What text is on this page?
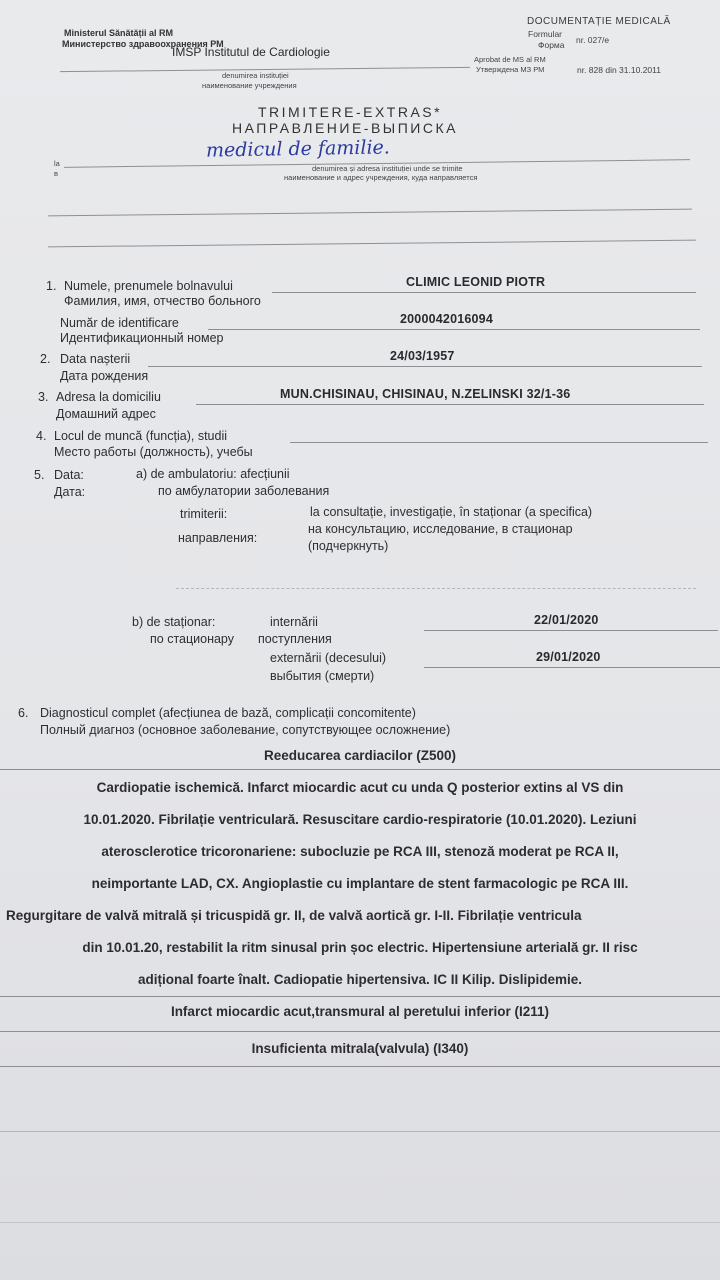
Ministerul Sănătății al RM
Министерство здравоохранения РМ
IMSP Institutul de Cardiologie
denumirea instituției
наименование учреждения
DOCUMENTAȚIE MEDICALĂ
Formular
Форма nr. 027/e
Aprobat de MS al RM
Утверждена МЗ РМ	nr. 828 din 31.10.2011
TRIMITERE-EXTRAS*
НАПРАВЛЕНИЕ-ВЫПИСКА
la
в
medicul de familie.
denumirea și adresa instituției unde se trimite
наименование и адрес учреждения, куда направляется
1. Numele, prenumele bolnavului
Фамилия, имя, отчество больного
CLIMIC LEONID PIOTR
Număr de identificare
Идентификационный номер
2000042016094
2. Data nașterii
Дата рождения
24/03/1957
3. Adresa la domiciliu
Домашний адрес
MUN.CHISINAU, CHISINAU, N.ZELINSKI 32/1-36
4. Locul de muncă (funcția), studii
Место работы (должность), учебы
5. Data:
Дата:
a) de ambulatoriu: afecțiunii
по амбулатории заболевания
trimiterii:
направления:
la consultație, investigație, în staționar (a specifica)
на консультацию, исследование, в стационар
(подчеркнуть)
b) de staționar:
по стационару
internării
поступления
22/01/2020
externării (decesului)
выбытия (смерти)
29/01/2020
6. Diagnosticul complet (afecțiunea de bază, complicații concomitente)
Полный диагноз (основное заболевание, сопутствующее осложнение)
Reeducarea cardiacilor (Z500)
Cardiopatie ischemică. Infarct miocardic acut cu unda Q posterior extins al VS din
10.01.2020. Fibrilație ventriculară. Resuscitare cardio-respiratorie (10.01.2020). Leziuni
aterosclerotice tricoronariene: subocluzie pe RCA III, stenoză moderat pe RCA II,
neimportante LAD, CX. Angioplastie cu implantare de stent farmacologic pe RCA III.
Regurgitare de valvă mitrală și tricuspidă gr. II, de valvă aortică gr. I-II. Fibrilație ventricula
din 10.01.20, restabilit la ritm sinusal prin șoc electric. Hipertensiune arterială gr. II risc
adițional foarte înalt. Cadiopatie hipertensiva. IC II Kilip. Dislipidemie.
Infarct miocardic acut,transmural al peretului inferior (I211)
Insuficienta mitrala(valvula) (I340)
